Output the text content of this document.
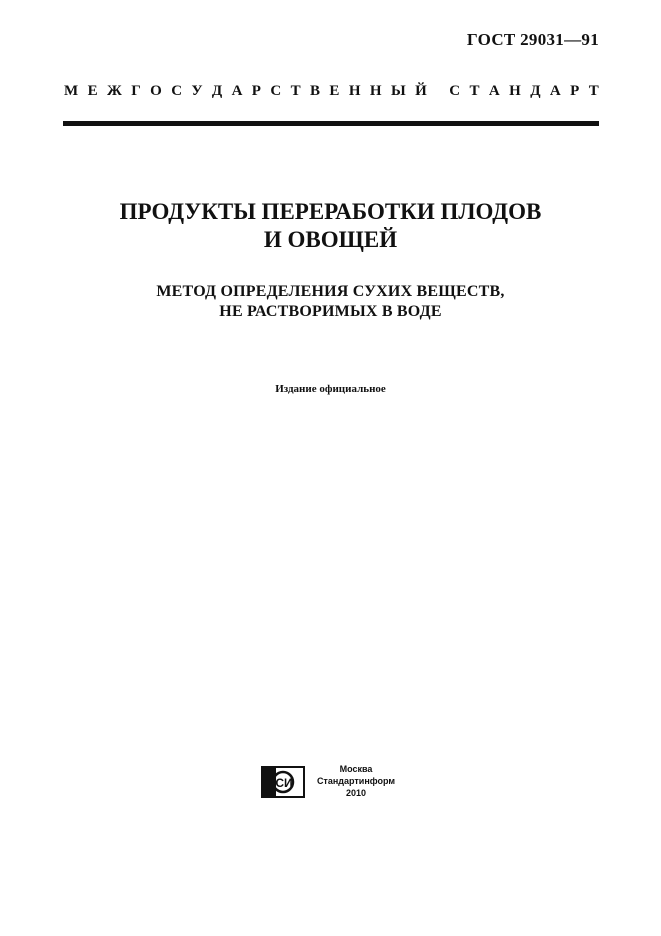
ГОСТ 29031—91
М Е Ж Г О С У Д А Р С Т В Е Н Н Ы Й
С Т А Н Д А Р Т
ПРОДУКТЫ ПЕРЕРАБОТКИ ПЛОДОВ
И ОВОЩЕЙ
МЕТОД ОПРЕДЕЛЕНИЯ СУХИХ ВЕЩЕСТВ,
НЕ РАСТВОРИМЫХ В ВОДЕ
Издание официальное
СИ
Москва
Стандартинформ
2010
